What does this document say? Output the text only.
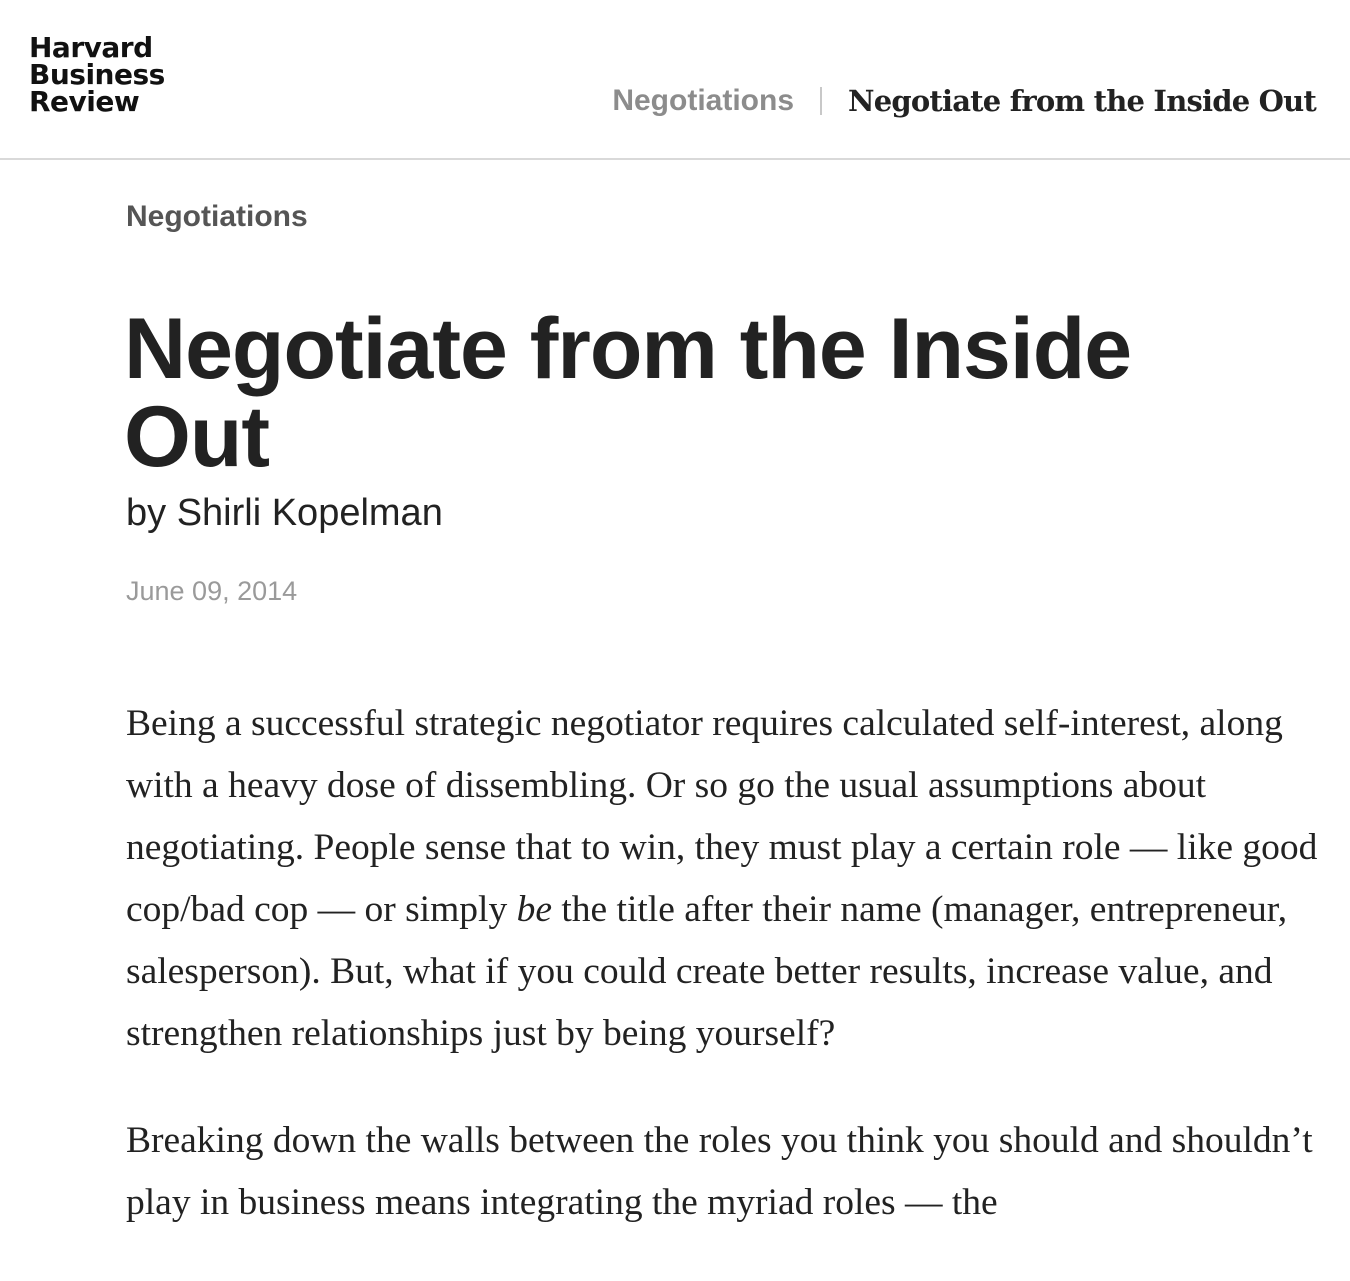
Harvard
Business
Review	Negotiations Negotiate from the Inside Out
Negotiations
Negotiate from the Inside Out
by Shirli Kopelman
June 09, 2014

Being a successful strategic negotiator requires calculated self-interest, along with a heavy dose of dissembling. Or so go the usual assumptions about negotiating. People sense that to win, they must play a certain role — like good cop/bad cop — or simply be the title after their name (manager, entrepreneur, salesperson). But, what if you could create better results, increase value, and strengthen relationships just by being yourself?

Breaking down the walls between the roles you think you should and shouldn’t play in business means integrating the myriad roles — the
